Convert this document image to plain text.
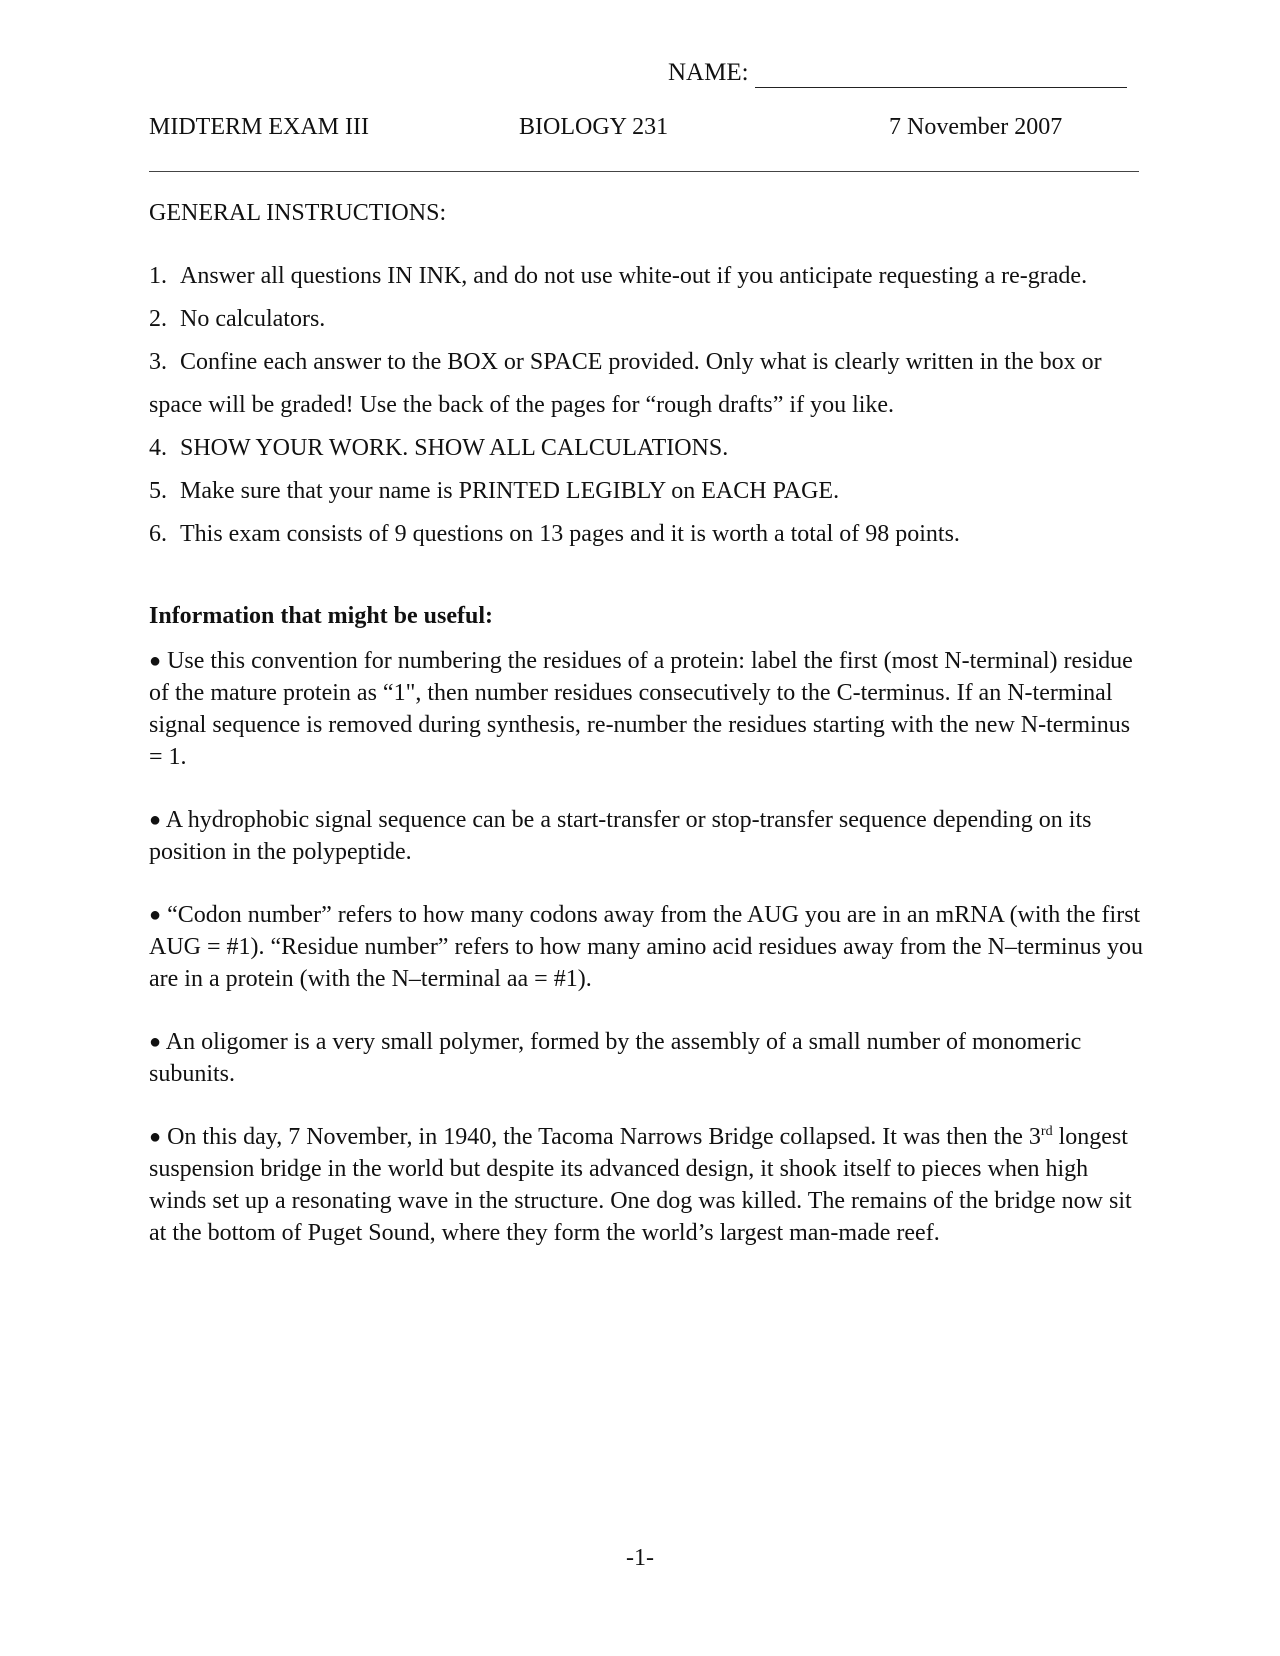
NAME:
MIDTERM EXAM III	BIOLOGY 231	7 November 2007
GENERAL INSTRUCTIONS:
1. Answer all questions IN INK, and do not use white-out if you anticipate requesting a re-grade.
2. No calculators.
3. Confine each answer to the BOX or SPACE provided. Only what is clearly written in the box or space will be graded! Use the back of the pages for “rough drafts” if you like.
4. SHOW YOUR WORK. SHOW ALL CALCULATIONS.
5. Make sure that your name is PRINTED LEGIBLY on EACH PAGE.
6. This exam consists of 9 questions on 13 pages and it is worth a total of 98 points.
Information that might be useful:

● Use this convention for numbering the residues of a protein: label the first (most N-terminal) residue of the mature protein as “1", then number residues consecutively to the C-terminus. If an N-terminal signal sequence is removed during synthesis, re-number the residues starting with the new N-terminus = 1.

● A hydrophobic signal sequence can be a start-transfer or stop-transfer sequence depending on its position in the polypeptide.

● “Codon number” refers to how many codons away from the AUG you are in an mRNA (with the first AUG = #1). “Residue number” refers to how many amino acid residues away from the N–terminus you are in a protein (with the N–terminal aa = #1).

● An oligomer is a very small polymer, formed by the assembly of a small number of monomeric subunits.

● On this day, 7 November, in 1940, the Tacoma Narrows Bridge collapsed. It was then the 3rd longest suspension bridge in the world but despite its advanced design, it shook itself to pieces when high winds set up a resonating wave in the structure. One dog was killed. The remains of the bridge now sit at the bottom of Puget Sound, where they form the world’s largest man-made reef.

-1-
